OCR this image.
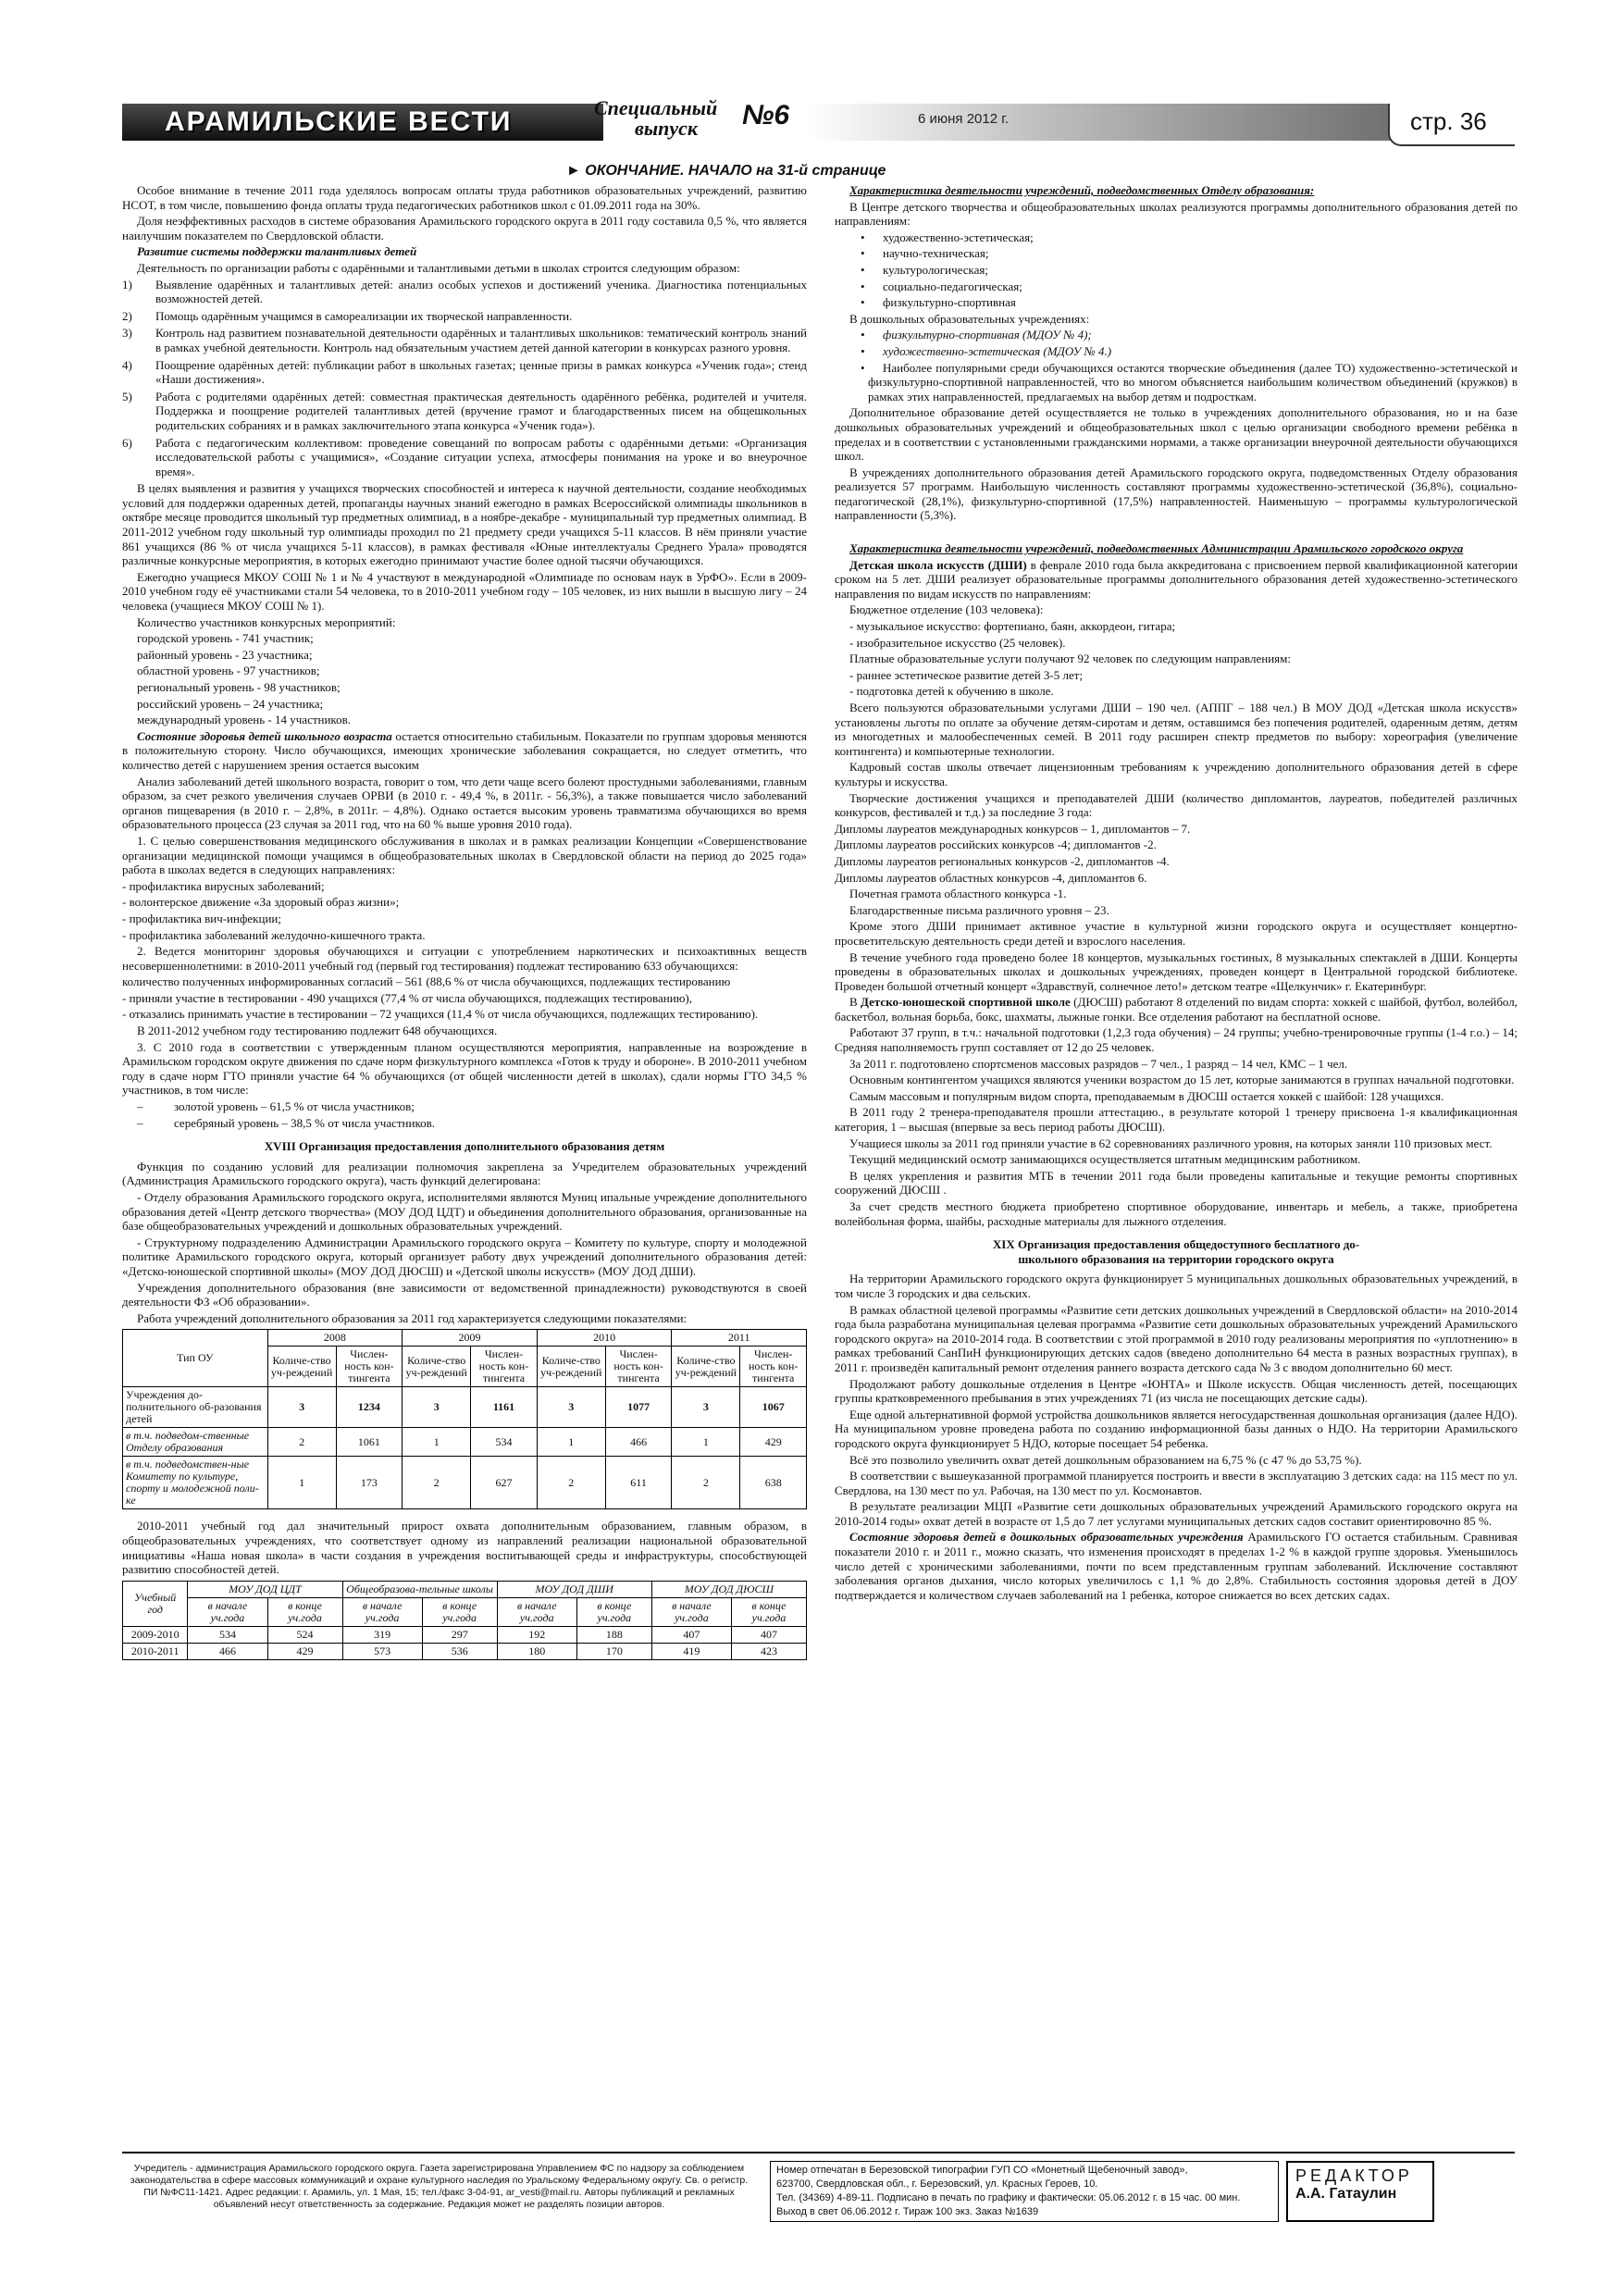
АРАМИЛЬСКИЕ ВЕСТИ	Специальный
выпуск	№6	6 июня 2012 г.	стр. 36
► ОКОНЧАНИЕ. НАЧАЛО на 31-й странице

Особое внимание в течение 2011 года уделялось вопросам оплаты труда работников образовательных учреждений, развитию НСОТ, в том числе, повышению фонда оплаты труда педагогических работников школ с 01.09.2011 года на 30%.

Доля неэффективных расходов в системе образования Арамильского городского округа в 2011 году составила 0,5 %, что является наилучшим показателем по Свердловской области.

Развитие системы поддержки талантливых детей

Деятельность по организации работы с одарёнными и талантливыми детьми в школах строится следующим образом:

1) Выявление одарённых и талантливых детей: анализ особых успехов и достижений ученика. Диагностика потенциальных возможностей детей.
2) Помощь одарённым учащимся в самореализации их творческой направленности.
3) Контроль над развитием познавательной деятельности одарённых и талантливых школьников: тематический контроль знаний в рамках учебной деятельности. Контроль над обязательным участием детей данной категории в конкурсах разного уровня.
4) Поощрение одарённых детей: публикации работ в школьных газетах; ценные призы в рамках конкурса «Ученик года»; стенд «Наши достижения».
5) Работа с родителями одарённых детей: совместная практическая деятельность одарённого ребёнка, родителей и учителя. Поддержка и поощрение родителей талантливых детей (вручение грамот и благодарственных писем на общешкольных родительских собраниях и в рамках заключительного этапа конкурса «Ученик года»).
6) Работа с педагогическим коллективом: проведение совещаний по вопросам работы с одарёнными детьми: «Организация исследовательской работы с учащимися», «Создание ситуации успеха, атмосферы понимания на уроке и во внеурочное время».

В целях выявления и развития у учащихся творческих способностей и интереса к научной деятельности, создание необходимых условий для поддержки одаренных детей, пропаганды научных знаний ежегодно в рамках Всероссийской олимпиады школьников в октябре месяце проводится школьный тур предметных олимпиад, в а ноябре-декабре - муниципальный тур предметных олимпиад. В 2011-2012 учебном году школьный тур олимпиады проходил по 21 предмету среди учащихся 5-11 классов. В нём приняли участие 861 учащихся (86 % от числа учащихся 5-11 классов), в рамках фестиваля «Юные интеллектуалы Среднего Урала» проводятся различные конкурсные мероприятия, в которых ежегодно принимают участие более одной тысячи обучающихся.

Ежегодно учащиеся МКОУ СОШ № 1 и № 4 участвуют в международной «Олимпиаде по основам наук в УрФО». Если в 2009-2010 учебном году её участниками стали 54 человека, то в 2010-2011 учебном году – 105 человек, из них вышли в высшую лигу – 24 человека (учащиеся МКОУ СОШ № 1).

Количество участников конкурсных мероприятий:

городской уровень - 741 участник;

районный уровень - 23 участника;

областной уровень - 97 участников;

региональный уровень - 98 участников;

российский уровень – 24 участника;

международный уровень - 14 участников.

Состояние здоровья детей школьного возраста остается относительно стабильным. Показатели по группам здоровья меняются в положительную сторону. Число обучающихся, имеющих хронические заболевания сокращается, но следует отметить, что количество детей с нарушением зрения остается высоким

Анализ заболеваний детей школьного возраста, говорит о том, что дети чаще всего болеют простудными заболеваниями, главным образом, за счет резкого увеличения случаев ОРВИ (в 2010 г. - 49,4 %, в 2011г. - 56,3%), а также повышается число заболеваний органов пищеварения (в 2010 г. – 2,8%, в 2011г. – 4,8%). Однако остается высоким уровень травматизма обучающихся во время образовательного процесса (23 случая за 2011 год, что на 60 % выше уровня 2010 года).

1. С целью совершенствования медицинского обслуживания в школах и в рамках реализации Концепции «Совершенствование организации медицинской помощи учащимся в общеобразовательных школах в Свердловской области на период до 2025 года» работа в школах ведется в следующих направлениях:

- профилактика вирусных заболеваний;

- волонтерское движение «За здоровый образ жизни»;

- профилактика вич-инфекции;

- профилактика заболеваний желудочно-кишечного тракта.

2. Ведется мониторинг здоровья обучающихся и ситуации с употреблением наркотических и психоактивных веществ несовершеннолетними: в 2010-2011 учебный год (первый год тестирования) подлежат тестированию 633 обучающихся:

количество полученных информированных согласий – 561 (88,6 % от числа обучающихся, подлежащих тестированию

- приняли участие в тестировании - 490 учащихся (77,4 % от числа обучающихся, подлежащих тестированию),

- отказались принимать участие в тестировании – 72 учащихся (11,4 % от числа обучающихся, подлежащих тестированию).

В 2011-2012 учебном году тестированию подлежит 648 обучающихся.

3. С 2010 года в соответствии с утвержденным планом осуществляются мероприятия, направленные на возрождение в Арамильском городском округе движения по сдаче норм физкультурного комплекса «Готов к труду и обороне». В 2010-2011 учебном году в сдаче норм ГТО приняли участие 64 % обучающихся (от общей численности детей в школах), сдали нормы ГТО 34,5 % участников, в том числе:

–	золотой уровень – 61,5 % от числа участников;

–	серебряный уровень – 38,5 % от числа участников.

XVIII Организация предоставления дополнительного образования детям

Функция по созданию условий для реализации полномочия закреплена за Учредителем образовательных учреждений (Администрация Арамильского городского округа), часть функций делегирована:

- Отделу образования Арамильского городского округа, исполнителями являются Муниц ипальные учреждение дополнительного образования детей «Центр детского творчества» (МОУ ДОД ЦДТ) и объединения дополнительного образования, организованные на базе общеобразовательных учреждений и дошкольных образовательных учреждений.

- Структурному подразделению Администрации Арамильского городского округа – Комитету по культуре, спорту и молодежной политике Арамильского городского округа, который организует работу двух учреждений дополнительного образования детей: «Детско-юношеской спортивной школы» (МОУ ДОД ДЮСШ) и «Детской школы искусств» (МОУ ДОД ДШИ).

Учреждения дополнительного образования (вне зависимости от ведомственной принадлежности) руководствуются в своей деятельности ФЗ «Об образовании».

Работа учреждений дополнительного образования за 2011 год характеризуется следующими показателями:

Тип ОУ	2008		2009		2010		2011	
	Количе-ство уч-реждений	Числен-ность кон-тингента	Количе-ство уч-реждений	Числен-ность кон-тингента	Количе-ство уч-реждений	Числен-ность кон-тингента	Количе-ство уч-реждений	Числен-ность кон-тингента
Учреждения до-полнительного об-разования детей	3	1234	3	1161	3	1077	3	1067
в т.ч. подведом-ственные Отделу образования	2	1061	1	534	1	466	1	429
в т.ч. подведомствен-ные Комитету по культуре, спорту и молодежной поли-ке	1	173	2	627	2	611	2	638

2010-2011 учебный год дал значительный прирост охвата дополнительным образованием, главным образом, в общеобразовательных учреждениях, что соответствует одному из направлений реализации национальной образовательной инициативы «Наша новая школа» в части создания в учреждения воспитывающей среды и инфраструктуры, способствующей развитию способностей детей.

Учебный год	МОУ ДОД ЦДТ		Общеобразова-тельные школы		МОУ ДОД ДШИ		МОУ ДОД ДЮСШ	
	в начале уч.года	в конце уч.года	в начале уч.года	в конце уч.года	в начале уч.года	в конце уч.года	в начале уч.года	в конце уч.года
2009-2010	534	524	319	297	192	188	407	407
2010-2011	466	429	573	536	180	170	419	423

Характеристика деятельности учреждений, подведомственных Отделу образования:

В Центре детского творчества и общеобразовательных школах реализуются программы дополнительного образования детей по направлениям:

• художественно-эстетическая;

• научно-техническая;

• культурологическая;

• социально-педагогическая;

• физкультурно-спортивная

В дошкольных образовательных учреждениях:

• физкультурно-спортивная (МДОУ № 4);

• художественно-эстетическая (МДОУ № 4.)

• Наиболее популярными среди обучающихся остаются творческие объединения (далее ТО) художественно-эстетической и физкультурно-спортивной направленностей, что во многом объясняется наибольшим количеством объединений (кружков) в рамках этих направленностей, предлагаемых на выбор детям и подросткам.

Дополнительное образование детей осуществляется не только в учреждениях дополнительного образования, но и на базе дошкольных образовательных учреждений и общеобразовательных школ с целью организации свободного времени ребёнка в пределах и в соответствии с установленными гражданскими нормами, а также организации внеурочной деятельности обучающихся школ.

В учреждениях дополнительного образования детей Арамильского городского округа, подведомственных Отделу образования реализуется 57 программ. Наибольшую численность составляют программы художественно-эстетической (36,8%), социально-педагогической (28,1%), физкультурно-спортивной (17,5%) направленностей. Наименьшую – программы культурологической направленности (5,3%).

Характеристика деятельности учреждений, подведомственных Администрации Арамильского городского округа

Детская школа искусств (ДШИ) в феврале 2010 года была аккредитована с присвоением первой квалификационной категории сроком на 5 лет. ДШИ реализует образовательные программы дополнительного образования детей художественно-эстетического направления по видам искусств по направлениям:

Бюджетное отделение (103 человека):

- музыкальное искусство: фортепиано, баян, аккордеон, гитара;

- изобразительное искусство (25 человек).

Платные образовательные услуги получают 92 человек по следующим направлениям:

- раннее эстетическое развитие детей 3-5 лет;

- подготовка детей к обучению в школе.

Всего пользуются образовательными услугами ДШИ – 190 чел. (АППГ – 188 чел.) В МОУ ДОД «Детская школа искусств» установлены льготы по оплате за обучение детям-сиротам и детям, оставшимся без попечения родителей, одаренным детям, детям из многодетных и малообеспеченных семей. В 2011 году расширен спектр предметов по выбору: хореография (увеличение контингента) и компьютерные технологии.

Кадровый состав школы отвечает лицензионным требованиям к учреждению дополнительного образования детей в сфере культуры и искусства.

Творческие достижения учащихся и преподавателей ДШИ (количество дипломантов, лауреатов, победителей различных конкурсов, фестивалей и т.д.) за последние 3 года:

Дипломы лауреатов международных конкурсов – 1, дипломантов – 7.

Дипломы лауреатов российских конкурсов -4; дипломантов -2.

Дипломы лауреатов региональных конкурсов -2, дипломантов -4.

Дипломы лауреатов областных конкурсов -4, дипломантов 6.

Почетная грамота областного конкурса -1.

Благодарственные письма различного уровня – 23.

Кроме этого ДШИ принимает активное участие в культурной жизни городского округа и осуществляет концертно-просветительскую деятельность среди детей и взрослого населения.

В течение учебного года проведено более 18 концертов, музыкальных гостиных, 8 музыкальных спектаклей в ДШИ. Концерты проведены в образовательных школах и дошкольных учреждениях, проведен концерт в Центральной городской библиотеке. Проведен большой отчетный концерт «Здравствуй, солнечное лето!» детском театре «Щелкунчик» г. Екатеринбург.

В Детско-юношеской спортивной школе (ДЮСШ) работают 8 отделений по видам спорта: хоккей с шайбой, футбол, волейбол, баскетбол, вольная борьба, бокс, шахматы, лыжные гонки. Все отделения работают на бесплатной основе.

Работают 37 групп, в т.ч.: начальной подготовки (1,2,3 года обучения) – 24 группы; учебно-тренировочные группы (1-4 г.о.) – 14; Средняя наполняемость групп составляет от 12 до 25 человек.

За 2011 г. подготовлено спортсменов массовых разрядов – 7 чел., 1 разряд – 14 чел, КМС – 1 чел.

Основным контингентом учащихся являются ученики возрастом до 15 лет, которые занимаются в группах начальной подготовки.

Самым массовым и популярным видом спорта, преподаваемым в ДЮСШ остается хоккей с шайбой: 128 учащихся.

В 2011 году 2 тренера-преподавателя прошли аттестацию., в результате которой 1 тренеру присвоена 1-я квалификационная категория, 1 – высшая (впервые за весь период работы ДЮСШ).

Учащиеся школы за 2011 год приняли участие в 62 соревнованиях различного уровня, на которых заняли 110 призовых мест.

Текущий медицинский осмотр занимающихся осуществляется штатным медицинским работником.

В целях укрепления и развития МТБ в течении 2011 года были проведены капитальные и текущие ремонты спортивных сооружений ДЮСШ .

За счет средств местного бюджета приобретено спортивное оборудование, инвентарь и мебель, а также, приобретена волейбольная форма, шайбы, расходные материалы для лыжного отделения.

XIX Организация предоставления общедоступного бесплатного до-
школьного образования на территории городского округа

На территории Арамильского городского округа функционирует 5 муниципальных дошкольных образовательных учреждений, в том числе 3 городских и два сельских.

В рамках областной целевой программы «Развитие сети детских дошкольных учреждений в Свердловской области» на 2010-2014 года была разработана муниципальная целевая программа «Развитие сети дошкольных образовательных учреждений Арамильского городского округа» на 2010-2014 года. В соответствии с этой программой в 2010 году реализованы мероприятия по «уплотнению» в рамках требований СанПиН функционирующих детских садов (введено дополнительно 64 места в разных возрастных группах), в 2011 г. произведён капитальный ремонт отделения раннего возраста детского сада № 3 с вводом дополнительно 60 мест.

Продолжают работу дошкольные отделения в Центре «ЮНТА» и Школе искусств. Общая численность детей, посещающих группы кратковременного пребывания в этих учреждениях 71 (из числа не посещающих детские сады).

Еще одной альтернативной формой устройства дошкольников является негосударственная дошкольная организация (далее НДО). На муниципальном уровне проведена работа по созданию информационной базы данных о НДО. На территории Арамильского городского округа функционирует 5 НДО, которые посещает 54 ребенка.

Всё это позволило увеличить охват детей дошкольным образованием на 6,75 % (с 47 % до 53,75 %).

В соответствии с вышеуказанной программой планируется построить и ввести в эксплуатацию 3 детских сада: на 115 мест по ул. Свердлова, на 130 мест по ул. Рабочая, на 130 мест по ул. Космонавтов.

В результате реализации МЦП «Развитие сети дошкольных образовательных учреждений Арамильского городского округа на 2010-2014 годы» охват детей в возрасте от 1,5 до 7 лет услугами муниципальных детских садов составит ориентировочно 85 %.

Состояние здоровья детей в дошкольных образовательных учреждения Арамильского ГО остается стабильным. Сравнивая показатели 2010 г. и 2011 г., можно сказать, что изменения происходят в пределах 1-2 % в каждой группе здоровья. Уменьшилось число детей с хроническими заболеваниями, почти по всем представленным группам заболеваний. Исключение составляют заболевания органов дыхания, число которых увеличилось с 1,1 % до 2,8%. Стабильность состояния здоровья детей в ДОУ подтверждается и количеством случаев заболеваний на 1 ребенка, которое снижается во всех детских садах.

Учредитель - администрация Арамильского городского округа. Газета зарегистрирована Управлением ФС по надзору за соблюдением законодательства в сфере массовых коммуникаций и охране культурного наследия по Уральскому Федеральному округу. Св. о регистр. ПИ №ФС11-1421. Адрес редакции: г. Арамиль, ул. 1 Мая, 15; тел./факс 3-04-91, ar_vesti@mail.ru. Авторы публикаций и рекламных объявлений несут ответственность за содержание. Редакция может не разделять позиции авторов.
Номер отпечатан в Березовской типографии ГУП СО «Монетный Щебеночный завод»,
623700, Свердловская обл., г. Березовский, ул. Красных Героев, 10.
Тел. (34369) 4-89-11. Подписано в печать по графику и фактически: 05.06.2012 г. в 15 час. 00 мин.
Выход в свет 06.06.2012 г. Тираж 100 экз. Заказ №1639
РЕДАКТОР
А.А. Гатаулин
